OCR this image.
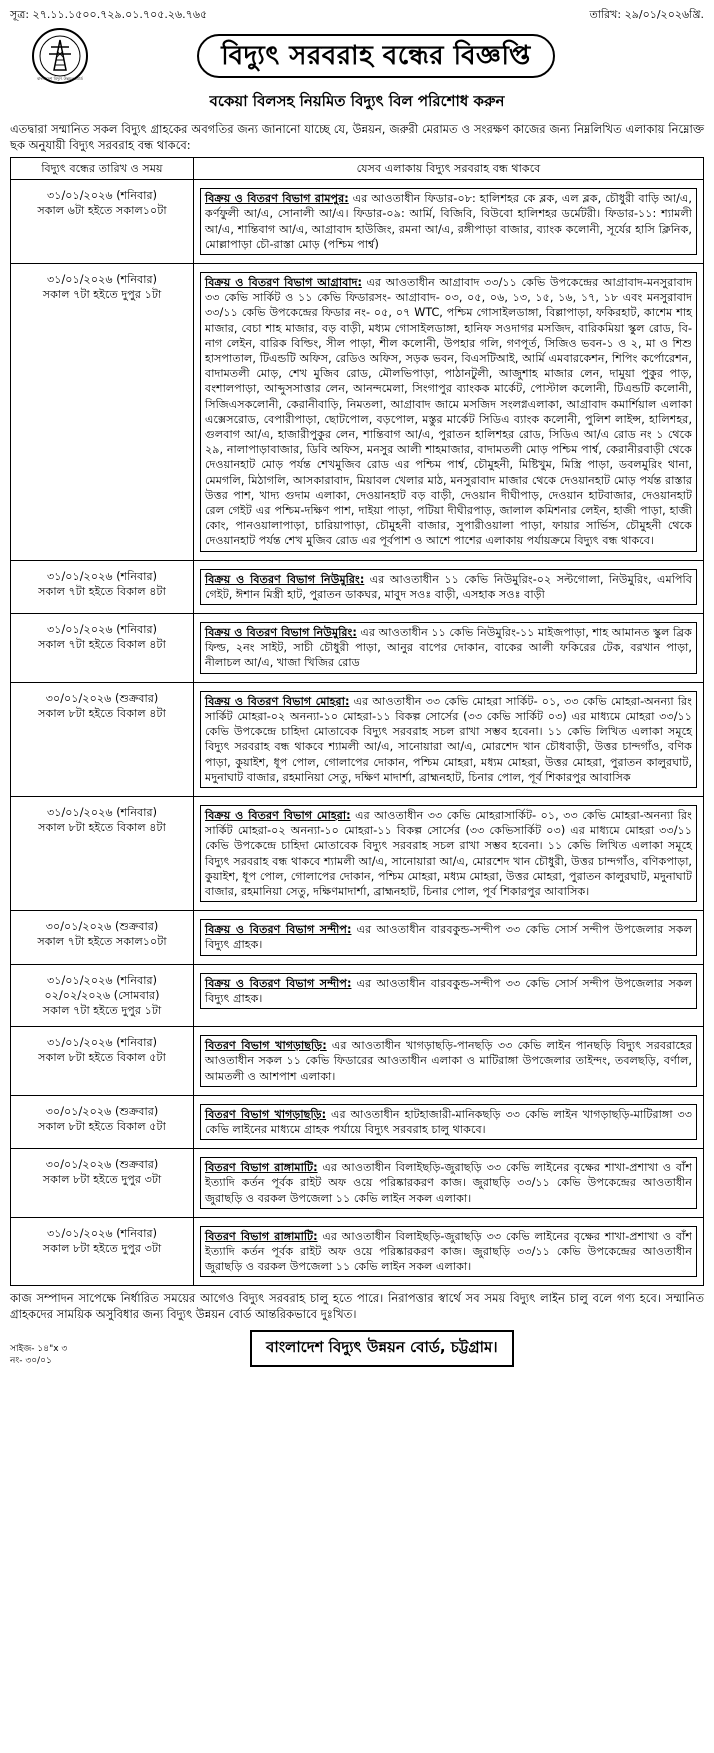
সূত্র: ২৭.১১.১৫০০.৭২৯.০১.৭০৫.২৬.৭৬৫	তারিখ: ২৯/০১/২০২৬খ্রি.
বাংলাদেশ বিদ্যুৎ উন্নয়ন বোর্ড
বিদ্যুৎ সরবরাহ বন্ধের বিজ্ঞপ্তি
বকেয়া বিলসহ নিয়মিত বিদ্যুৎ বিল পরিশোধ করুন
এতদ্বারা সম্মানিত সকল বিদ্যুৎ গ্রাহকের অবগতির জন্য জানানো যাচ্ছে যে, উন্নয়ন, জরুরী মেরামত ও সংরক্ষণ কাজের জন্য নিম্নলিখিত এলাকায় নিম্নোক্ত ছক অনুযায়ী বিদ্যুৎ সরবরাহ বন্ধ থাকবে:
বিদ্যুৎ বন্ধের তারিখ ও সময়	যেসব এলাকায় বিদ্যুৎ সরবরাহ বন্ধ থাকবে

৩১/০১/২০২৬ (শনিবার)
সকাল ৬টা হইতে সকাল১০টা	বিক্রয় ও বিতরণ বিভাগ রামপুর: এর আওতাধীন ফিডার-০৮: হালিশহর কে ব্লক, এল ব্লক, চৌধুরী বাড়ি আ/এ, কর্ণফুলী আ/এ, সোনালী আ/এ। ফিডার-০৯: আর্মি, বিজিবি, বিউবো হালিশহর ডর্মেটরী। ফিডার-১১: শ্যামলী আ/এ, শান্তিবাগ আ/এ, আগ্রাবাদ হাউজিং, রমনা আ/এ, রঙ্গীপাড়া বাজার, ব্যাংক কলোনী, সূর্যের হাসি ক্লিনিক, মোল্লাপাড়া চৌ-রাস্তা মোড় (পশ্চিম পার্শ্ব)

৩১/০১/২০২৬ (শনিবার)
সকাল ৭টা হইতে দুপুর ১টা	বিক্রয় ও বিতরণ বিভাগ আগ্রাবাদ: এর আওতাধীন আগ্রাবাদ ৩৩/১১ কেভি উপকেন্দ্রের আগ্রাবাদ-মনসুরাবাদ ৩৩ কেভি সার্কিট ও ১১ কেভি ফিডারসং- আগ্রাবাদ- ০৩, ০৫, ০৬, ১৩, ১৫, ১৬, ১৭, ১৮ এবং মনসুরাবাদ ৩৩/১১ কেভি উপকেন্দ্রের ফিডার নং- ০৫, ০৭ WTC, পশ্চিম গোসাইলডাঙ্গা, বিল্লাপাড়া, ফকিরহাট, কাশেম শাহ মাজার, বেচা শাহ মাজার, বড় বাড়ী, মধ্যম গোসাইলডাঙ্গা, হানিফ সওদাগর মসজিদ, বারিকমিয়া স্কুল রোড, বি-নাগ লেইন, বারিক বিল্ডিং, সীল পাড়া, শীল কলোনী, উপহার গলি, গণপূর্ত, সিজিও ভবন-১ ও ২, মা ও শিশু হাসপাতাল, টিএন্ডটি অফিস, রেডিও অফিস, সড়ক ভবন, বিএসটিআই, আর্মি এমবারকেশন, শিপিং কর্পোরেশন, বাদামতলী মোড়, শেখ মুজিব রোড, মৌলভিপাড়া, পাঠানটুলী, আজুশাহ মাজার লেন, দামুয়া পুকুর পাড়, বংশালপাড়া, আব্দুসসাত্তার লেন, আনন্দমেলা, সিংগাপুর ব্যাংকক মার্কেট, পোস্টাল কলোনী, টিএন্ডটি কলোনী, সিজিএসকলোনী, কেরানীবাড়ি, নিমতলা, আগ্রাবাদ জামে মসজিদ সংলগ্নএলাকা, আগ্রাবাদ কমার্শিয়াল এলাকা এক্সেসরোড, বেপারীপাড়া, ছোটপোল, বড়পোল, মস্তুর মার্কেট সিডিএ ব্যাংক কলোনী, পুলিশ লাইন্স, হালিশহর, গুলবাগ আ/এ, হাজারীপুকুর লেন, শান্তিবাগ আ/এ, পুরাতন হালিশহর রোড, সিডিএ আ/এ রোড নং ১ থেকে ২৯, নালাপাড়াবাজার, ডিবি অফিস, মনসুর আলী শাহমাজার, বাদামতলী মোড় পশ্চিম পার্শ্ব, কেরানীরবাড়ী থেকে দেওয়ানহাট মোড় পর্যন্ত শেখমুজিব রোড এর পশ্চিম পার্শ্ব, চৌমুহনী, মিষ্টিখুম, মিস্ত্রি পাড়া, ডবলমুরিং থানা, মেমগলি, মিঠাগলি, আসকারাবাদ, মিয়াবল খেলার মাঠ, মনসুরাবাদ মাজার থেকে দেওয়ানহাট মোড় পর্যন্ত রাস্তার উত্তর পাশ, খাদ্য গুদাম এলাকা, দেওয়ানহাট বড় বাড়ী, দেওয়ান দীঘীপাড়, দেওয়ান হাটবাজার, দেওয়ানহাট রেল গেইট এর পশ্চিম-দক্ষিণ পাশ, দাইয়া পাড়া, পটিয়া দীঘীরপাড়, জালাল কমিশনার লেইন, হাজী পাড়া, হাজী কোং, পানওয়ালাপাড়া, চারিয়াপাড়া, চৌমুহনী বাজার, সুপারীওয়ালা পাড়া, ফায়ার সার্ভিস, চৌমুহনী থেকে দেওয়ানহাট পর্যন্ত শেখ মুজিব রোড এর পূর্বপাশ ও আশে পাশের এলাকায় পর্যায়ক্রমে বিদ্যুৎ বন্ধ থাকবে।

৩১/০১/২০২৬ (শনিবার)
সকাল ৭টা হইতে বিকাল ৪টা	বিক্রয় ও বিতরণ বিভাগ নিউমুরিং: এর আওতাধীন ১১ কেভি নিউমুরিং-০২ সল্টগোলা, নিউমুরিং, এমপিবি গেইট, ঈশান মিস্ত্রী হাট, পুরাতন ডাকঘর, মাবুদ সওঃ বাড়ী, এসহাক সওঃ বাড়ী

৩১/০১/২০২৬ (শনিবার)
সকাল ৭টা হইতে বিকাল ৪টা	বিক্রয় ও বিতরণ বিভাগ নিউমুরিং: এর আওতাধীন ১১ কেভি নিউমুরিং-১১ মাইজপাড়া, শাহ আমানত স্কুল ব্রিক ফিল্ড, ২নং সাইট, সাচী চৌধুরী পাড়া, আনুর বাপের দোকান, বাকের আলী ফকিরের টেক, বরখান পাড়া, নীলাচল আ/এ, খাজা খিজির রোড

৩০/০১/২০২৬ (শুক্রবার)
সকাল ৮টা হইতে বিকাল ৪টা	বিক্রয় ও বিতরণ বিভাগ মোহরা: এর আওতাধীন ৩৩ কেভি মোহরা সার্কিট- ০১, ৩৩ কেভি মোহরা-অনন্যা রিং সার্কিট মোহরা-০২ অনন্যা-১০ মোহরা-১১ বিকল্প সোর্সের (৩৩ কেভি সার্কিট ০৩) এর মাধ্যমে মোহরা ৩৩/১১ কেভি উপকেন্দ্রে চাহিদা মোতাবেক বিদ্যুৎ সরবরাহ সচল রাখা সম্ভব হবেনা। ১১ কেভি লিখিত এলাকা সমূহে বিদ্যুৎ সরবরাহ বন্ধ থাকবে শ্যামলী আ/এ, সানোয়ারা আ/এ, মোরশেদ খান চৌধবাড়ী, উত্তর চান্দগাঁও, বণিক পাড়া, কুয়াইশ, ধূপ পোল, গোলাপের দোকান, পশ্চিম মোহরা, মধ্যম মোহরা, উত্তর মোহরা, পুরাতন কালুরঘাট, মদুনাঘাট বাজার, রহমানিয়া সেতু, দক্ষিণ মাদার্শা, ব্রাহ্মনহাট, চিনার পোল, পূর্ব শিকারপুর আবাসিক

৩১/০১/২০২৬ (শনিবার)
সকাল ৮টা হইতে বিকাল ৪টা	বিক্রয় ও বিতরণ বিভাগ মোহরা: এর আওতাধীন ৩৩ কেভি মোহরাসার্কিট- ০১, ৩৩ কেভি মোহরা-অনন্যা রিং সার্কিট মোহরা-০২ অনন্যা-১০ মোহরা-১১ বিকল্প সোর্সের (৩৩ কেভিসার্কিট ০৩) এর মাধ্যমে মোহরা ৩৩/১১ কেভি উপকেন্দ্রে চাহিদা মোতাবেক বিদ্যুৎ সরবরাহ সচল রাখা সম্ভব হবেনা। ১১ কেভি লিখিত এলাকা সমূহে বিদ্যুৎ সরবরাহ বন্ধ থাকবে শ্যামলী আ/এ, সানোয়ারা আ/এ, মোরশেদ খান চৌধুরী, উত্তর চান্দগাঁও, বণিকপাড়া, কুয়াইশ, ধূপ পোল, গোলাপের দোকান, পশ্চিম মোহরা, মধ্যম মোহরা, উত্তর মোহরা, পুরাতন কালুরঘাট, মদুনাঘাট বাজার, রহমানিয়া সেতু, দক্ষিণমাদার্শা, ব্রাহ্মনহাট, চিনার পোল, পূর্ব শিকারপুর আবাসিক।

৩০/০১/২০২৬ (শুক্রবার)
সকাল ৭টা হইতে সকাল১০টা	বিক্রয় ও বিতরণ বিভাগ সন্দীপ: এর আওতাধীন বারবকুন্ড-সন্দীপ ৩৩ কেভি সোর্স সন্দীপ উপজেলার সকল বিদ্যুৎ গ্রাহক।

৩১/০১/২০২৬ (শনিবার) ০২/০২/২০২৬ (সোমবার)
সকাল ৭টা হইতে দুপুর ১টা	বিক্রয় ও বিতরণ বিভাগ সন্দীপ: এর আওতাধীন বারবকুন্ড-সন্দীপ ৩৩ কেভি সোর্স সন্দীপ উপজেলার সকল বিদ্যুৎ গ্রাহক।

৩১/০১/২০২৬ (শনিবার)
সকাল ৮টা হইতে বিকাল ৫টা	বিতরণ বিভাগ খাগড়াছড়ি: এর আওতাধীন খাগড়াছড়ি-পানছড়ি ৩৩ কেভি লাইন পানছড়ি বিদ্যুৎ সরবরাহের আওতাধীন সকল ১১ কেভি ফিডারের আওতাধীন এলাকা ও মাটিরাঙ্গা উপজেলার তাইন্দং, তবলছড়ি, বর্ণাল, আমতলী ও আশপাশ এলাকা।

৩০/০১/২০২৬ (শুক্রবার)
সকাল ৮টা হইতে বিকাল ৫টা	বিতরণ বিভাগ খাগড়াছড়ি: এর আওতাধীন হাটহাজারী-মানিকছড়ি ৩৩ কেভি লাইন খাগড়াছড়ি-মাটিরাঙ্গা ৩৩ কেভি লাইনের মাধ্যমে গ্রাহক পর্যায়ে বিদ্যুৎ সরবরাহ চালু থাকবে।

৩০/০১/২০২৬ (শুক্রবার)
সকাল ৮টা হইতে দুপুর ৩টা	বিতরণ বিভাগ রাঙ্গামাটি: এর আওতাধীন বিলাইছড়ি-জুরাছড়ি ৩৩ কেভি লাইনের বৃক্ষের শাখা-প্রশাখা ও বাঁশ ইত্যাদি কর্তন পূর্বক রাইট অফ ওয়ে পরিষ্কারকরণ কাজ। জুরাছড়ি ৩৩/১১ কেভি উপকেন্দ্রের আওতাধীন জুরাছড়ি ও বরকল উপজেলা ১১ কেভি লাইন সকল এলাকা।

৩১/০১/২০২৬ (শনিবার)
সকাল ৮টা হইতে দুপুর ৩টা	বিতরণ বিভাগ রাঙ্গামাটি: এর আওতাধীন বিলাইছড়ি-জুরাছড়ি ৩৩ কেভি লাইনের বৃক্ষের শাখা-প্রশাখা ও বাঁশ ইত্যাদি কর্তন পূর্বক রাইট অফ ওয়ে পরিষ্কারকরণ কাজ। জুরাছড়ি ৩৩/১১ কেভি উপকেন্দ্রের আওতাধীন জুরাছড়ি ও বরকল উপজেলা ১১ কেভি লাইন সকল এলাকা।
কাজ সম্পাদন সাপেক্ষে নির্ধারিত সময়ের আগেও বিদ্যুৎ সরবরাহ চালু হতে পারে। নিরাপত্তার স্বার্থে সব সময় বিদ্যুৎ লাইন চালু বলে গণ্য হবে। সম্মানিত গ্রাহকদের সাময়িক অসুবিধার জন্য বিদ্যুৎ উন্নয়ন বোর্ড আন্তরিকভাবে দুঃখিত।
সাইজ- ১৪"x ৩
নং- ৩০/০১
বাংলাদেশ বিদ্যুৎ উন্নয়ন বোর্ড, চট্টগ্রাম।
